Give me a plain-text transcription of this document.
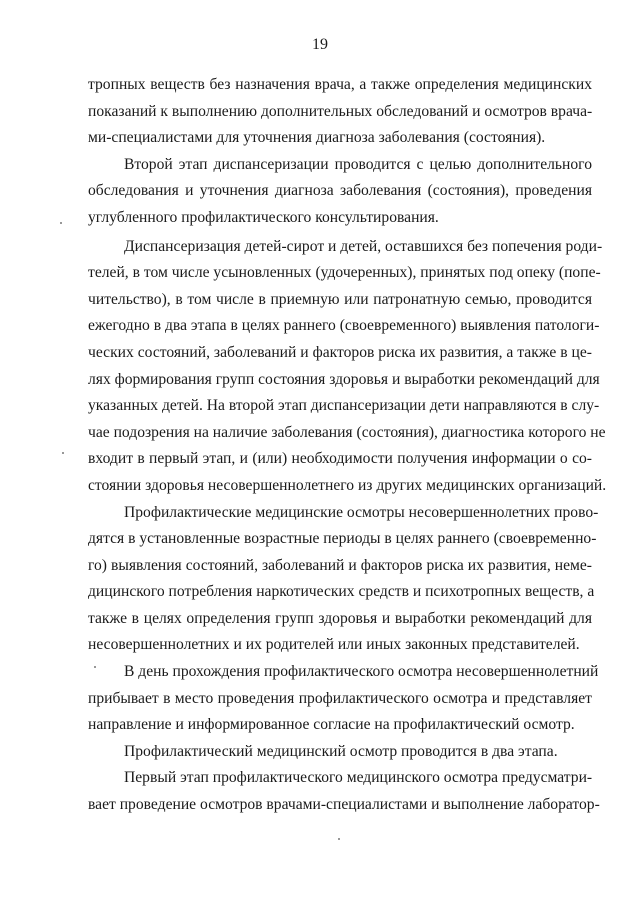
19
тропных веществ без назначения врача, а также определения медицинских
показаний к выполнению дополнительных обследований и осмотров врача-
ми-специалистами для уточнения диагноза заболевания (состояния).
Второй этап диспансеризации проводится с целью дополнительного
обследования и уточнения диагноза заболевания (состояния), проведения
углубленного профилактического консультирования.
Диспансеризация детей-сирот и детей, оставшихся без попечения роди-
телей, в том числе усыновленных (удочеренных), принятых под опеку (попе-
чительство), в том числе в приемную или патронатную семью, проводится
ежегодно в два этапа в целях раннего (своевременного) выявления патологи-
ческих состояний, заболеваний и факторов риска их развития, а также в це-
лях формирования групп состояния здоровья и выработки рекомендаций для
указанных детей. На второй этап диспансеризации дети направляются в слу-
чае подозрения на наличие заболевания (состояния), диагностика которого не
входит в первый этап, и (или) необходимости получения информации о со-
стоянии здоровья несовершеннолетнего из других медицинских организаций.
Профилактические медицинские осмотры несовершеннолетних прово-
дятся в установленные возрастные периоды в целях раннего (своевременно-
го) выявления состояний, заболеваний и факторов риска их развития, неме-
дицинского потребления наркотических средств и психотропных веществ, а
также в целях определения групп здоровья и выработки рекомендаций для
несовершеннолетних и их родителей или иных законных представителей.
В день прохождения профилактического осмотра несовершеннолетний
прибывает в место проведения профилактического осмотра и представляет
направление и информированное согласие на профилактический осмотр.
Профилактический медицинский осмотр проводится в два этапа.
Первый этап профилактического медицинского осмотра предусматри-
вает проведение осмотров врачами-специалистами и выполнение лаборатор-
